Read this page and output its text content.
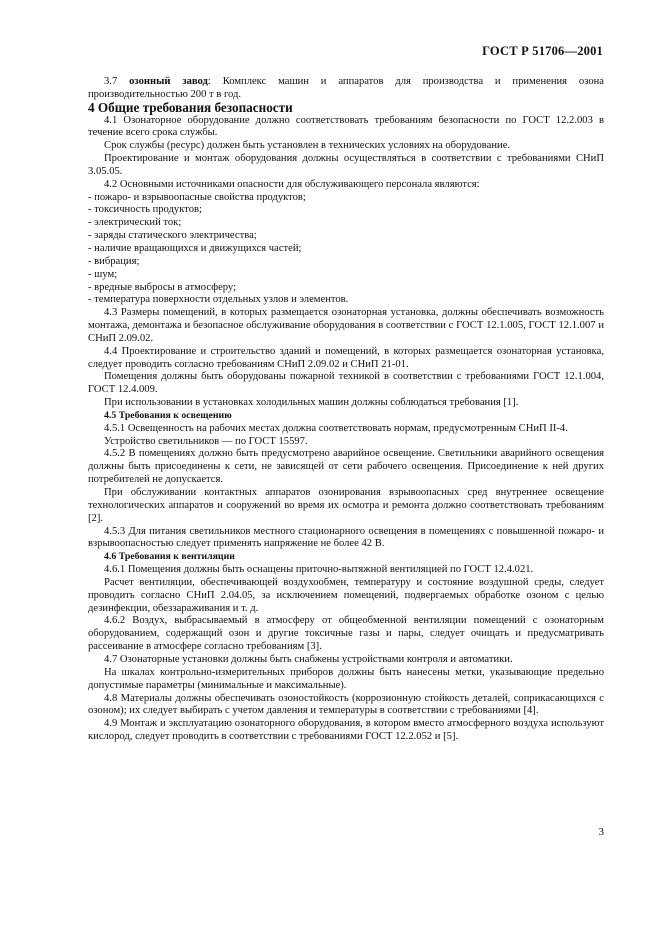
ГОСТ Р 51706—2001

3.7 озонный завод: Комплекс машин и аппаратов для производства и применения озона производительностью 200 т в год.

4 Общие требования безопасности

4.1 Озонаторное оборудование должно соответствовать требованиям безопасности по ГОСТ 12.2.003 в течение всего срока службы.

Срок службы (ресурс) должен быть установлен в технических условиях на оборудование.

Проектирование и монтаж оборудования должны осуществляться в соответствии с требованиями СНиП 3.05.05.

4.2 Основными источниками опасности для обслуживающего персонала являются:

- пожаро- и взрывоопасные свойства продуктов;

- токсичность продуктов;

- электрический ток;

- заряды статического электричества;

- наличие вращающихся и движущихся частей;

- вибрация;

- шум;

- вредные выбросы в атмосферу;

- температура поверхности отдельных узлов и элементов.

4.3 Размеры помещений, в которых размещается озонаторная установка, должны обеспечивать возможность монтажа, демонтажа и безопасное обслуживание оборудования в соответствии с ГОСТ 12.1.005, ГОСТ 12.1.007 и СНиП 2.09.02.

4.4 Проектирование и строительство зданий и помещений, в которых размещается озонаторная установка, следует проводить согласно требованиям СНиП 2.09.02 и СНиП 21-01.

Помещения должны быть оборудованы пожарной техникой в соответствии с требованиями ГОСТ 12.1.004, ГОСТ 12.4.009.

При использовании в установках холодильных машин должны соблюдаться требования [1].

4.5 Требования к освещению

4.5.1 Освещенность на рабочих местах должна соответствовать нормам, предусмотренным СНиП II-4.

Устройство светильников — по ГОСТ 15597.

4.5.2 В помещениях должно быть предусмотрено аварийное освещение. Светильники аварийного освещения должны быть присоединены к сети, не зависящей от сети рабочего освещения. Присоединение к ней других потребителей не допускается.

При обслуживании контактных аппаратов озонирования взрывоопасных сред внутреннее освещение технологических аппаратов и сооружений во время их осмотра и ремонта должно соответствовать требованиям [2].

4.5.3 Для питания светильников местного стационарного освещения в помещениях с повышенной пожаро- и взрывоопасностью следует применять напряжение не более 42 В.

4.6 Требования к вентиляции

4.6.1 Помещения должны быть оснащены приточно-вытяжной вентиляцией по ГОСТ 12.4.021.

Расчет вентиляции, обеспечивающей воздухообмен, температуру и состояние воздушной среды, следует проводить согласно СНиП 2.04.05, за исключением помещений, подвергаемых обработке озоном с целью дезинфекции, обеззараживания и т. д.

4.6.2 Воздух, выбрасываемый в атмосферу от общеобменной вентиляции помещений с озонаторным оборудованием, содержащий озон и другие токсичные газы и пары, следует очищать и предусматривать рассеивание в атмосфере согласно требованиям [3].

4.7 Озонаторные установки должны быть снабжены устройствами контроля и автоматики.

На шкалах контрольно-измерительных приборов должны быть нанесены метки, указывающие предельно допустимые параметры (минимальные и максимальные).

4.8 Материалы должны обеспечивать озоностойкость (коррозионную стойкость деталей, соприкасающихся с озоном); их следует выбирать с учетом давления и температуры в соответствии с требованиями [4].

4.9 Монтаж и эксплуатацию озонаторного оборудования, в котором вместо атмосферного воздуха используют кислород, следует проводить в соответствии с требованиями ГОСТ 12.2.052 и [5].

3
